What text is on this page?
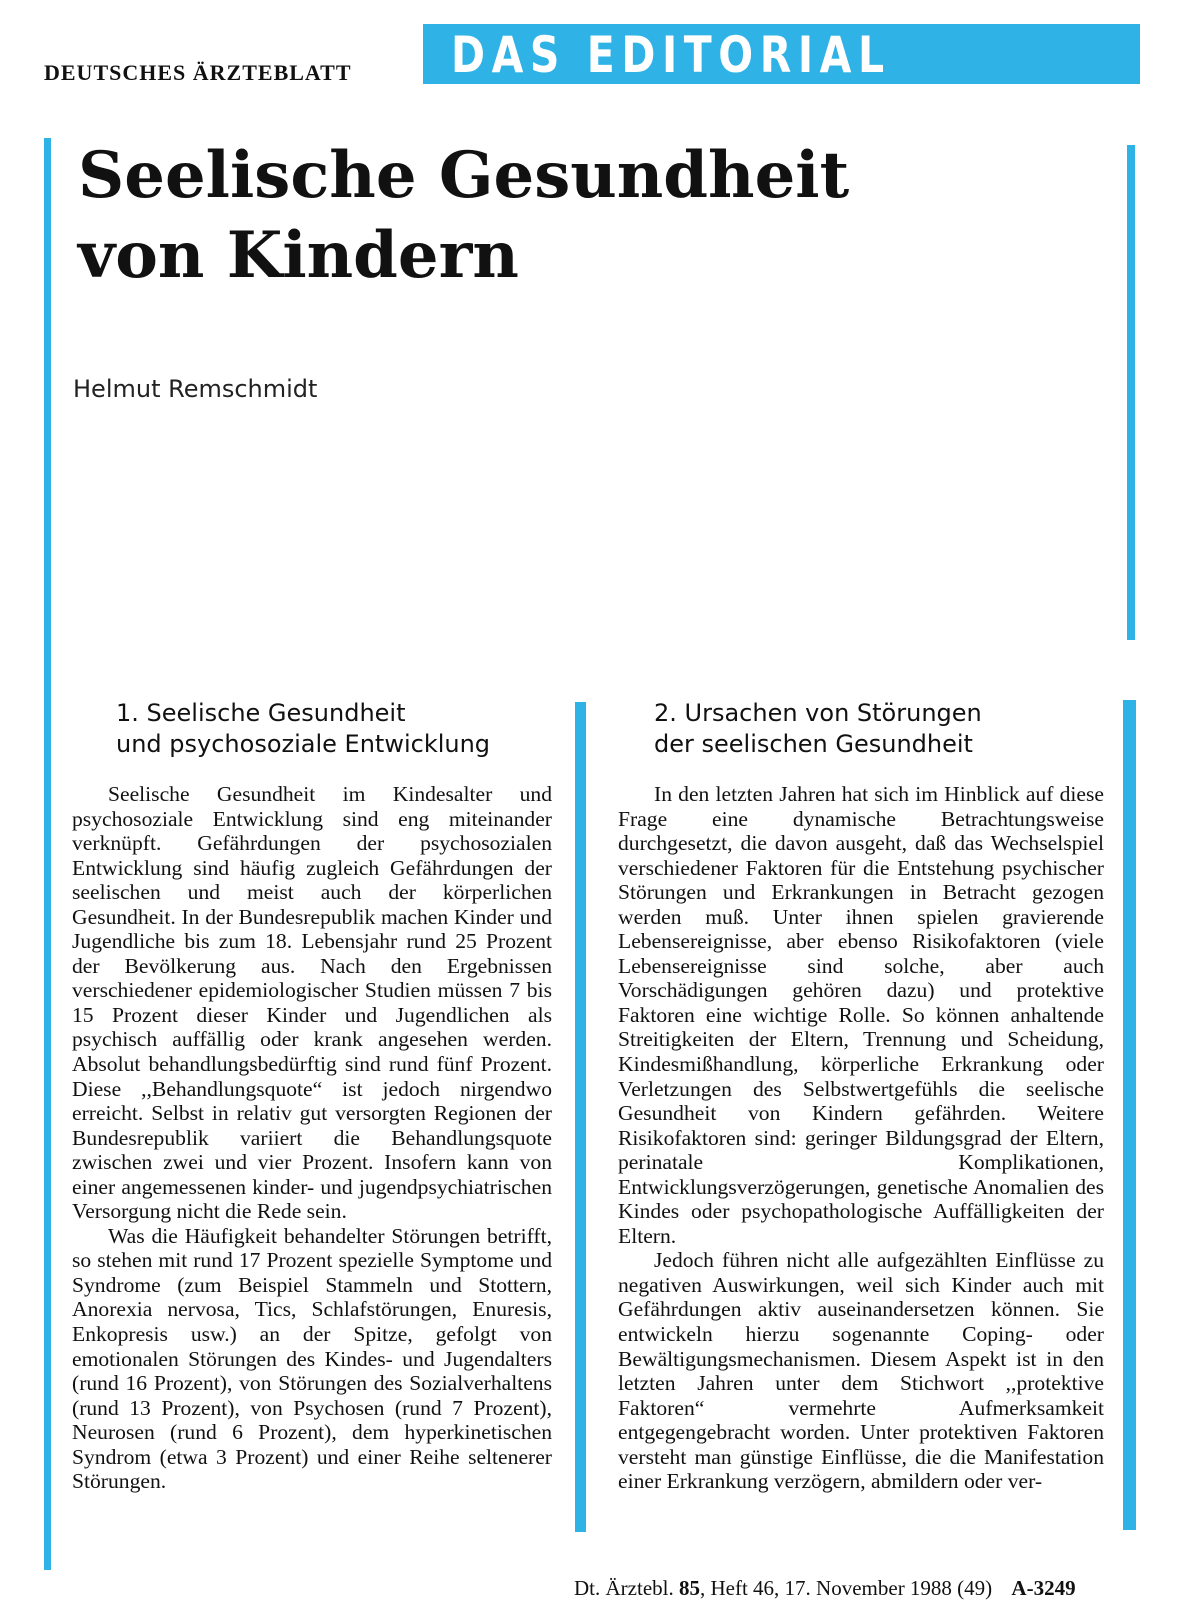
DEUTSCHES ÄRZTEBLATT DAS EDITORIAL
Seelische Gesundheit
von Kindern
Helmut Remschmidt
1. Seelische Gesundheit
und psychosoziale Entwicklung

Seelische Gesundheit im Kindesalter und psychosoziale Entwicklung sind eng miteinander verknüpft. Gefährdungen der psychosozialen Entwicklung sind häufig zugleich Gefährdungen der seelischen und meist auch der körperlichen Gesundheit. In der Bundesrepublik machen Kinder und Jugendliche bis zum 18. Lebensjahr rund 25 Prozent der Bevölkerung aus. Nach den Ergebnissen verschiedener epidemiologischer Studien müssen 7 bis 15 Prozent dieser Kinder und Jugendlichen als psychisch auffällig oder krank angesehen werden. Absolut behandlungsbedürftig sind rund fünf Prozent. Diese ,,Behandlungsquote“ ist jedoch nirgendwo erreicht. Selbst in relativ gut versorgten Regionen der Bundesrepublik variiert die Behandlungsquote zwischen zwei und vier Prozent. Insofern kann von einer angemessenen kinder- und jugendpsychiatrischen Versorgung nicht die Rede sein.

Was die Häufigkeit behandelter Störungen betrifft, so stehen mit rund 17 Prozent spezielle Symptome und Syndrome (zum Beispiel Stammeln und Stottern, Anorexia nervosa, Tics, Schlafstörungen, Enuresis, Enkopresis usw.) an der Spitze, gefolgt von emotionalen Störungen des Kindes- und Jugendalters (rund 16 Prozent), von Störungen des Sozialverhaltens (rund 13 Prozent), von Psychosen (rund 7 Prozent), Neurosen (rund 6 Prozent), dem hyperkinetischen Syndrom (etwa 3 Prozent) und einer Reihe seltenerer Störungen.

2. Ursachen von Störungen
der seelischen Gesundheit

In den letzten Jahren hat sich im Hinblick auf diese Frage eine dynamische Betrachtungsweise durchgesetzt, die davon ausgeht, daß das Wechselspiel verschiedener Faktoren für die Entstehung psychischer Störungen und Erkrankungen in Betracht gezogen werden muß. Unter ihnen spielen gravierende Lebensereignisse, aber ebenso Risikofaktoren (viele Lebensereignisse sind solche, aber auch Vorschädigungen gehören dazu) und protektive Faktoren eine wichtige Rolle. So können anhaltende Streitigkeiten der Eltern, Trennung und Scheidung, Kindesmißhandlung, körperliche Erkrankung oder Verletzungen des Selbstwertgefühls die seelische Gesundheit von Kindern gefährden. Weitere Risikofaktoren sind: geringer Bildungsgrad der Eltern, perinatale Komplikationen, Entwicklungsverzögerungen, genetische Anomalien des Kindes oder psychopathologische Auffälligkeiten der Eltern.

Jedoch führen nicht alle aufgezählten Einflüsse zu negativen Auswirkungen, weil sich Kinder auch mit Gefährdungen aktiv auseinandersetzen können. Sie entwickeln hierzu sogenannte Coping- oder Bewältigungsmechanismen. Diesem Aspekt ist in den letzten Jahren unter dem Stichwort ,,protektive Faktoren“ vermehrte Aufmerksamkeit entgegengebracht worden. Unter protektiven Faktoren versteht man günstige Einflüsse, die die Manifestation einer Erkrankung verzögern, abmildern oder ver-

Dt. Ärztebl. 85, Heft 46, 17. November 1988 (49) A-3249
